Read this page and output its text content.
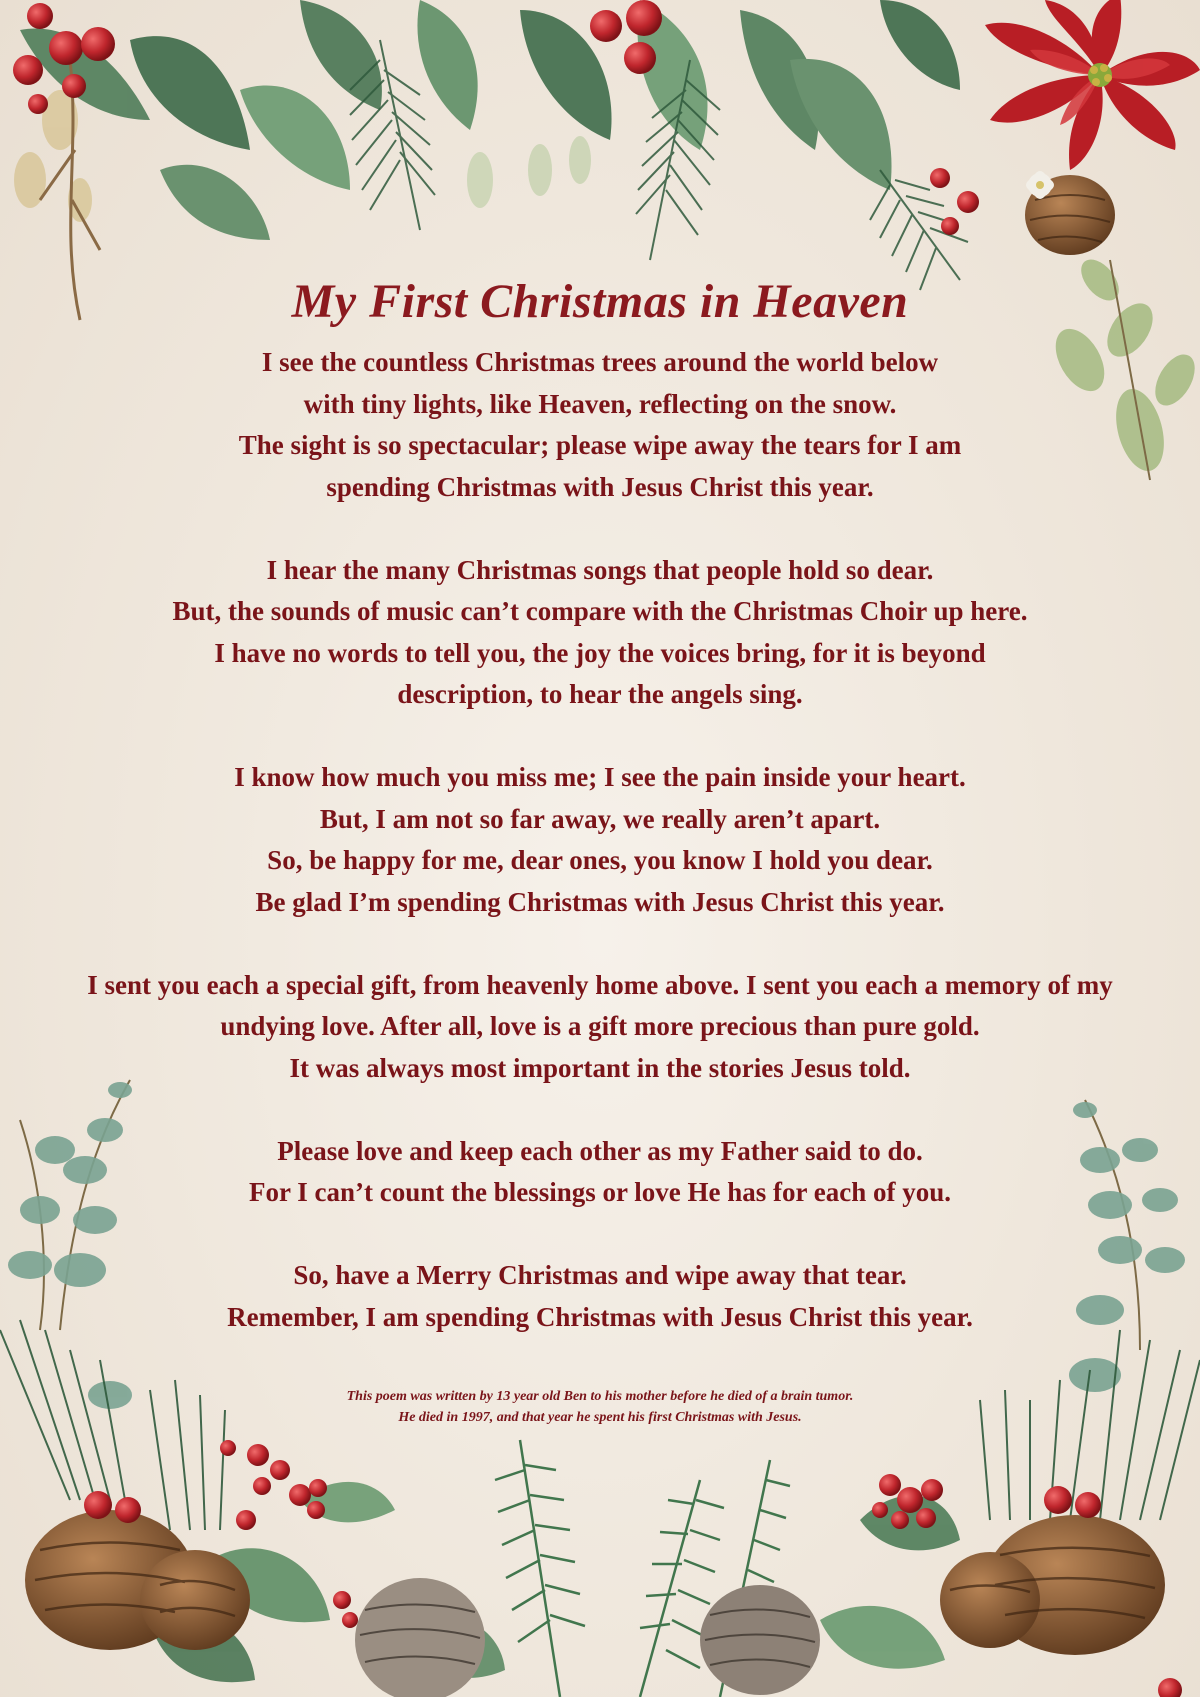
My First Christmas in Heaven

I see the countless Christmas trees around the world below
with tiny lights, like Heaven, reflecting on the snow.
The sight is so spectacular; please wipe away the tears for I am
spending Christmas with Jesus Christ this year.

I hear the many Christmas songs that people hold so dear.
But, the sounds of music can’t compare with the Christmas Choir up here.
I have no words to tell you, the joy the voices bring, for it is beyond
description, to hear the angels sing.

I know how much you miss me; I see the pain inside your heart.
But, I am not so far away, we really aren’t apart.
So, be happy for me, dear ones, you know I hold you dear.
Be glad I’m spending Christmas with Jesus Christ this year.

I sent you each a special gift, from heavenly home above. I sent you each a memory of my
undying love. After all, love is a gift more precious than pure gold.
It was always most important in the stories Jesus told.

Please love and keep each other as my Father said to do.
For I can’t count the blessings or love He has for each of you.

So, have a Merry Christmas and wipe away that tear.
Remember, I am spending Christmas with Jesus Christ this year.

This poem was written by 13 year old Ben to his mother before he died of a brain tumor.
He died in 1997, and that year he spent his first Christmas with Jesus.
